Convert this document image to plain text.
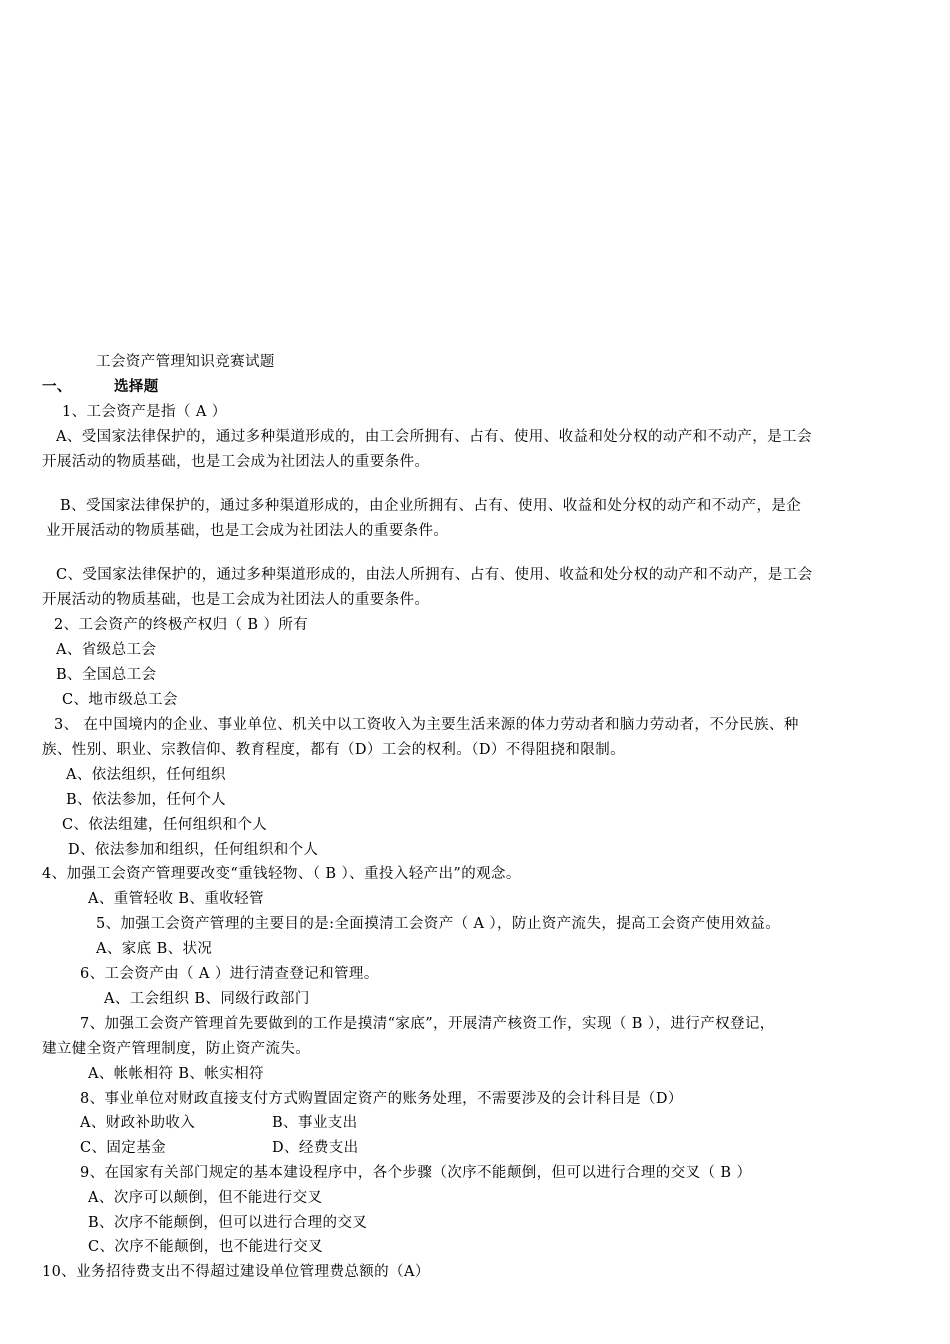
工会资产管理知识竞赛试题
一、	选择题
1、工会资产是指（ A ）
A、受国家法律保护的，通过多种渠道形成的，由工会所拥有、占有、使用、收益和处分权的动产和不动产，是工会
开展活动的物质基础，也是工会成为社团法人的重要条件。
B、受国家法律保护的，通过多种渠道形成的，由企业所拥有、占有、使用、收益和处分权的动产和不动产，是企
业开展活动的物质基础，也是工会成为社团法人的重要条件。
C、受国家法律保护的，通过多种渠道形成的，由法人所拥有、占有、使用、收益和处分权的动产和不动产，是工会
开展活动的物质基础，也是工会成为社团法人的重要条件。
2、工会资产的终极产权归（ B ）所有
A、省级总工会
B、全国总工会
C、地市级总工会
3、 在中国境内的企业、事业单位、机关中以工资收入为主要生活来源的体力劳动者和脑力劳动者，不分民族、种
族、性别、职业、宗教信仰、教育程度，都有（D）工会的权利。（D）不得阻挠和限制。
A、依法组织，任何组织
B、依法参加，任何个人
C、依法组建，任何组织和个人
D、依法参加和组织，任何组织和个人
4、加强工会资产管理要改变“重钱轻物、（ B ）、重投入轻产出”的观念。
A、重管轻收 B、重收轻管
5、加强工会资产管理的主要目的是:全面摸清工会资产（ A ），防止资产流失，提高工会资产使用效益。
A、家底 B、状况
6、工会资产由（ A ）进行清查登记和管理。
A、工会组织 B、同级行政部门
7、加强工会资产管理首先要做到的工作是摸清“家底”，开展清产核资工作，实现（ B ），进行产权登记，
建立健全资产管理制度，防止资产流失。
A、帐帐相符 B、帐实相符
8、事业单位对财政直接支付方式购置固定资产的账务处理，不需要涉及的会计科目是（D）
A、财政补助收入	B、事业支出
C、固定基金	D、经费支出
9、在国家有关部门规定的基本建设程序中，各个步骤（次序不能颠倒，但可以进行合理的交叉（ B ）
A、次序可以颠倒，但不能进行交叉
B、次序不能颠倒，但可以进行合理的交叉
C、次序不能颠倒，也不能进行交叉
10、业务招待费支出不得超过建设单位管理费总额的（A）
